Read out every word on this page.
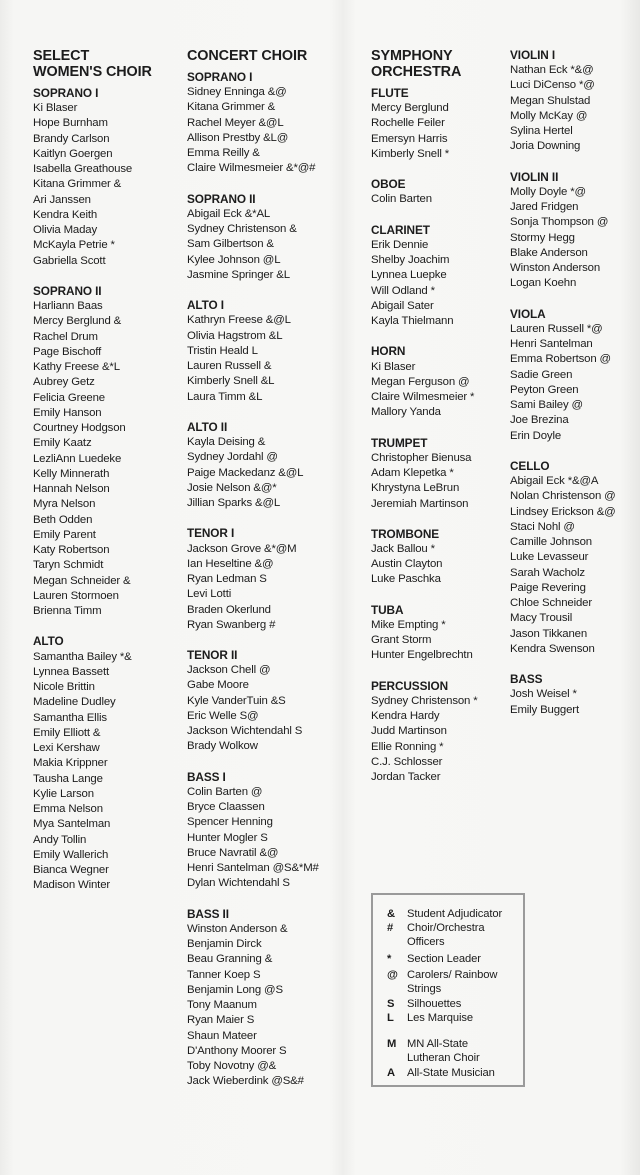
SELECT WOMEN'S CHOIR
SOPRANO I
Ki Blaser
Hope Burnham
Brandy Carlson
Kaitlyn Goergen
Isabella Greathouse
Kitana Grimmer &
Ari Janssen
Kendra Keith
Olivia Maday
McKayla Petrie *
Gabriella Scott
SOPRANO II
Harliann Baas
Mercy Berglund &
Rachel Drum
Page Bischoff
Kathy Freese &*L
Aubrey Getz
Felicia Greene
Emily Hanson
Courtney Hodgson
Emily Kaatz
LezliAnn Luedeke
Kelly Minnerath
Hannah Nelson
Myra Nelson
Beth Odden
Emily Parent
Katy Robertson
Taryn Schmidt
Megan Schneider &
Lauren Stormoen
Brienna Timm
ALTO
Samantha Bailey *&
Lynnea Bassett
Nicole Brittin
Madeline Dudley
Samantha Ellis
Emily Elliott &
Lexi Kershaw
Makia Krippner
Tausha Lange
Kylie Larson
Emma Nelson
Mya Santelman
Andy Tollin
Emily Wallerich
Bianca Wegner
Madison Winter
CONCERT CHOIR
SOPRANO I
Sidney Enninga &@
Kitana Grimmer &
Rachel Meyer &@L
Allison Prestby &L@
Emma Reilly &
Claire Wilmesmeier &*@#
SOPRANO II
Abigail Eck &*AL
Sydney Christenson &
Sam Gilbertson &
Kylee Johnson @L
Jasmine Springer &L
ALTO I
Kathryn Freese &@L
Olivia Hagstrom &L
Tristin Heald L
Lauren Russell &
Kimberly Snell &L
Laura Timm &L
ALTO II
Kayla Deising &
Sydney Jordahl @
Paige Mackedanz &@L
Josie Nelson &@*
Jillian Sparks &@L
TENOR I
Jackson Grove &*@M
Ian Heseltine &@
Ryan Ledman S
Levi Lotti
Braden Okerlund
Ryan Swanberg #
TENOR II
Jackson Chell @
Gabe Moore
Kyle VanderTuin &S
Eric Welle S@
Jackson Wichtendahl S
Brady Wolkow
BASS I
Colin Barten @
Bryce Claassen
Spencer Henning
Hunter Mogler S
Bruce Navratil &@
Henri Santelman @S&*M#
Dylan Wichtendahl S
BASS II
Winston Anderson &
Benjamin Dirck
Beau Granning &
Tanner Koep S
Benjamin Long @S
Tony Maanum
Ryan Maier S
Shaun Mateer
D'Anthony Moorer S
Toby Novotny @&
Jack Wieberdink @S&#
SYMPHONY ORCHESTRA
FLUTE
Mercy Berglund
Rochelle Feiler
Emersyn Harris
Kimberly Snell *
OBOE
Colin Barten
CLARINET
Erik Dennie
Shelby Joachim
Lynnea Luepke
Will Odland *
Abigail Sater
Kayla Thielmann
HORN
Ki Blaser
Megan Ferguson @
Claire Wilmesmeier *
Mallory Yanda
TRUMPET
Christopher Bienusa
Adam Klepetka *
Khrystyna LeBrun
Jeremiah Martinson
TROMBONE
Jack Ballou *
Austin Clayton
Luke Paschka
TUBA
Mike Empting *
Grant Storm
Hunter Engelbrechtn
PERCUSSION
Sydney Christenson *
Kendra Hardy
Judd Martinson
Ellie Ronning *
C.J. Schlosser
Jordan Tacker
VIOLIN I
Nathan Eck *&@
Luci DiCenso *@
Megan Shulstad
Molly McKay @
Sylina Hertel
Joria Downing
VIOLIN II
Molly Doyle *@
Jared Fridgen
Sonja Thompson @
Stormy Hegg
Blake Anderson
Winston Anderson
Logan Koehn
VIOLA
Lauren Russell *@
Henri Santelman
Emma Robertson @
Sadie Green
Peyton Green
Sami Bailey @
Joe Brezina
Erin Doyle
CELLO
Abigail Eck *&@A
Nolan Christenson @
Lindsey Erickson &@
Staci Nohl @
Camille Johnson
Luke Levasseur
Sarah Wacholz
Paige Revering
Chloe Schneider
Macy Trousil
Jason Tikkanen
Kendra Swenson
BASS
Josh Weisel *
Emily Buggert
&	Student Adjudicator
#	Choir/Orchestra Officers
*	Section Leader
@ Carolers/ Rainbow Strings
S	Silhouettes
L	Les Marquise
M MN All-State Lutheran Choir
A	All-State Musician
